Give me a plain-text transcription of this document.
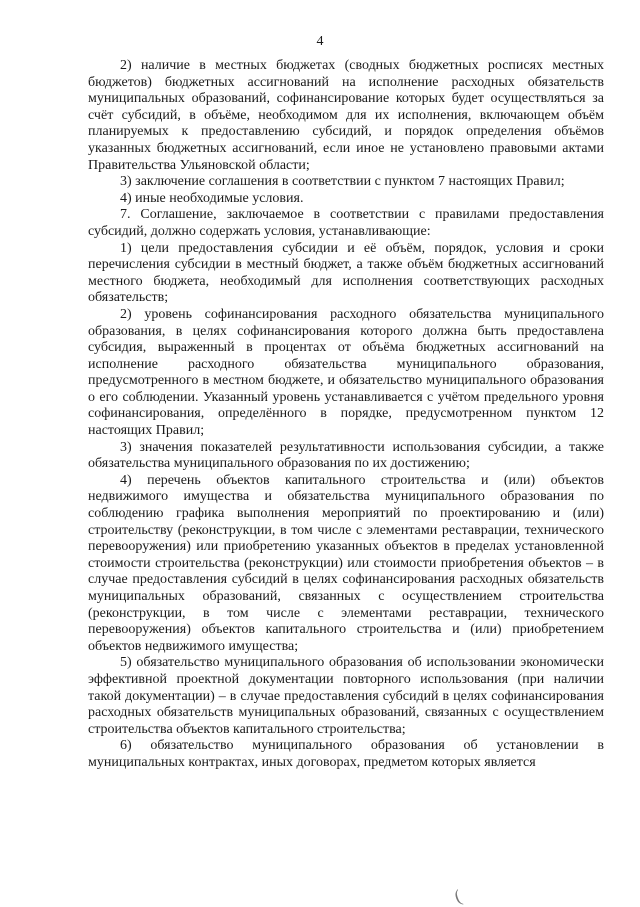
4

2) наличие в местных бюджетах (сводных бюджетных росписях местных бюджетов) бюджетных ассигнований на исполнение расходных обязательств муниципальных образований, софинансирование которых будет осуществляться за счёт субсидий, в объёме, необходимом для их исполнения, включающем объём планируемых к предоставлению субсидий, и порядок определения объёмов указанных бюджетных ассигнований, если иное не установлено правовыми актами Правительства Ульяновской области;

3) заключение соглашения в соответствии с пунктом 7 настоящих Правил;

4) иные необходимые условия.

7. Соглашение, заключаемое в соответствии с правилами предоставления субсидий, должно содержать условия, устанавливающие:

1) цели предоставления субсидии и её объём, порядок, условия и сроки перечисления субсидии в местный бюджет, а также объём бюджетных ассигнований местного бюджета, необходимый для исполнения соответствующих расходных обязательств;

2) уровень софинансирования расходного обязательства муниципального образования, в целях софинансирования которого должна быть предоставлена субсидия, выраженный в процентах от объёма бюджетных ассигнований на исполнение расходного обязательства муниципального образования, предусмотренного в местном бюджете, и обязательство муниципального образования о его соблюдении. Указанный уровень устанавливается с учётом предельного уровня софинансирования, определённого в порядке, предусмотренном пунктом 12 настоящих Правил;

3) значения показателей результативности использования субсидии, а также обязательства муниципального образования по их достижению;

4) перечень объектов капитального строительства и (или) объектов недвижимого имущества и обязательства муниципального образования по соблюдению графика выполнения мероприятий по проектированию и (или) строительству (реконструкции, в том числе с элементами реставрации, технического перевооружения) или приобретению указанных объектов в пределах установленной стоимости строительства (реконструкции) или стоимости приобретения объектов – в случае предоставления субсидий в целях софинансирования расходных обязательств муниципальных образований, связанных с осуществлением строительства (реконструкции, в том числе с элементами реставрации, технического перевооружения) объектов капитального строительства и (или) приобретением объектов недвижимого имущества;

5) обязательство муниципального образования об использовании экономически эффективной проектной документации повторного использования (при наличии такой документации) – в случае предоставления субсидий в целях софинансирования расходных обязательств муниципальных образований, связанных с осуществлением строительства объектов капитального строительства;

6) обязательство муниципального образования об установлении в муниципальных контрактах, иных договорах, предметом которых является

(
